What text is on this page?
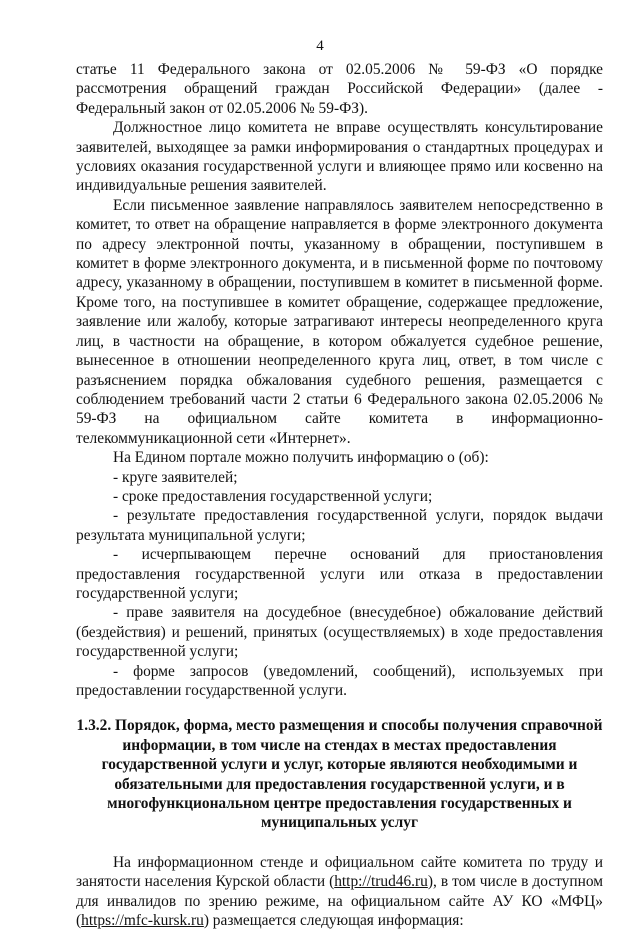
4

статье 11 Федерального закона от 02.05.2006 № 59-ФЗ «О порядке рассмотрения обращений граждан Российской Федерации» (далее - Федеральный закон от 02.05.2006 № 59-ФЗ).

Должностное лицо комитета не вправе осуществлять консультирование заявителей, выходящее за рамки информирования о стандартных процедурах и условиях оказания государственной услуги и влияющее прямо или косвенно на индивидуальные решения заявителей.

Если письменное заявление направлялось заявителем непосредственно в комитет, то ответ на обращение направляется в форме электронного документа по адресу электронной почты, указанному в обращении, поступившем в комитет в форме электронного документа, и в письменной форме по почтовому адресу, указанному в обращении, поступившем в комитет в письменной форме. Кроме того, на поступившее в комитет обращение, содержащее предложение, заявление или жалобу, которые затрагивают интересы неопределенного круга лиц, в частности на обращение, в котором обжалуется судебное решение, вынесенное в отношении неопределенного круга лиц, ответ, в том числе с разъяснением порядка обжалования судебного решения, размещается с соблюдением требований части 2 статьи 6 Федерального закона 02.05.2006 № 59-ФЗ на официальном сайте комитета в информационно-телекоммуникационной сети «Интернет».

На Едином портале можно получить информацию о (об):

- круге заявителей;

- сроке предоставления государственной услуги;

- результате предоставления государственной услуги, порядок выдачи результата муниципальной услуги;

- исчерпывающем перечне оснований для приостановления предоставления государственной услуги или отказа в предоставлении государственной услуги;

- праве заявителя на досудебное (внесудебное) обжалование действий (бездействия) и решений, принятых (осуществляемых) в ходе предоставления государственной услуги;

- форме запросов (уведомлений, сообщений), используемых при предоставлении государственной услуги.

1.3.2. Порядок, форма, место размещения и способы получения справочной информации, в том числе на стендах в местах предоставления государственной услуги и услуг, которые являются необходимыми и обязательными для предоставления государственной услуги, и в многофункциональном центре предоставления государственных и муниципальных услуг

На информационном стенде и официальном сайте комитета по труду и занятости населения Курской области (http://trud46.ru), в том числе в доступном для инвалидов по зрению режиме, на официальном сайте АУ КО «МФЦ» (https://mfc-kursk.ru) размещается следующая информация:
